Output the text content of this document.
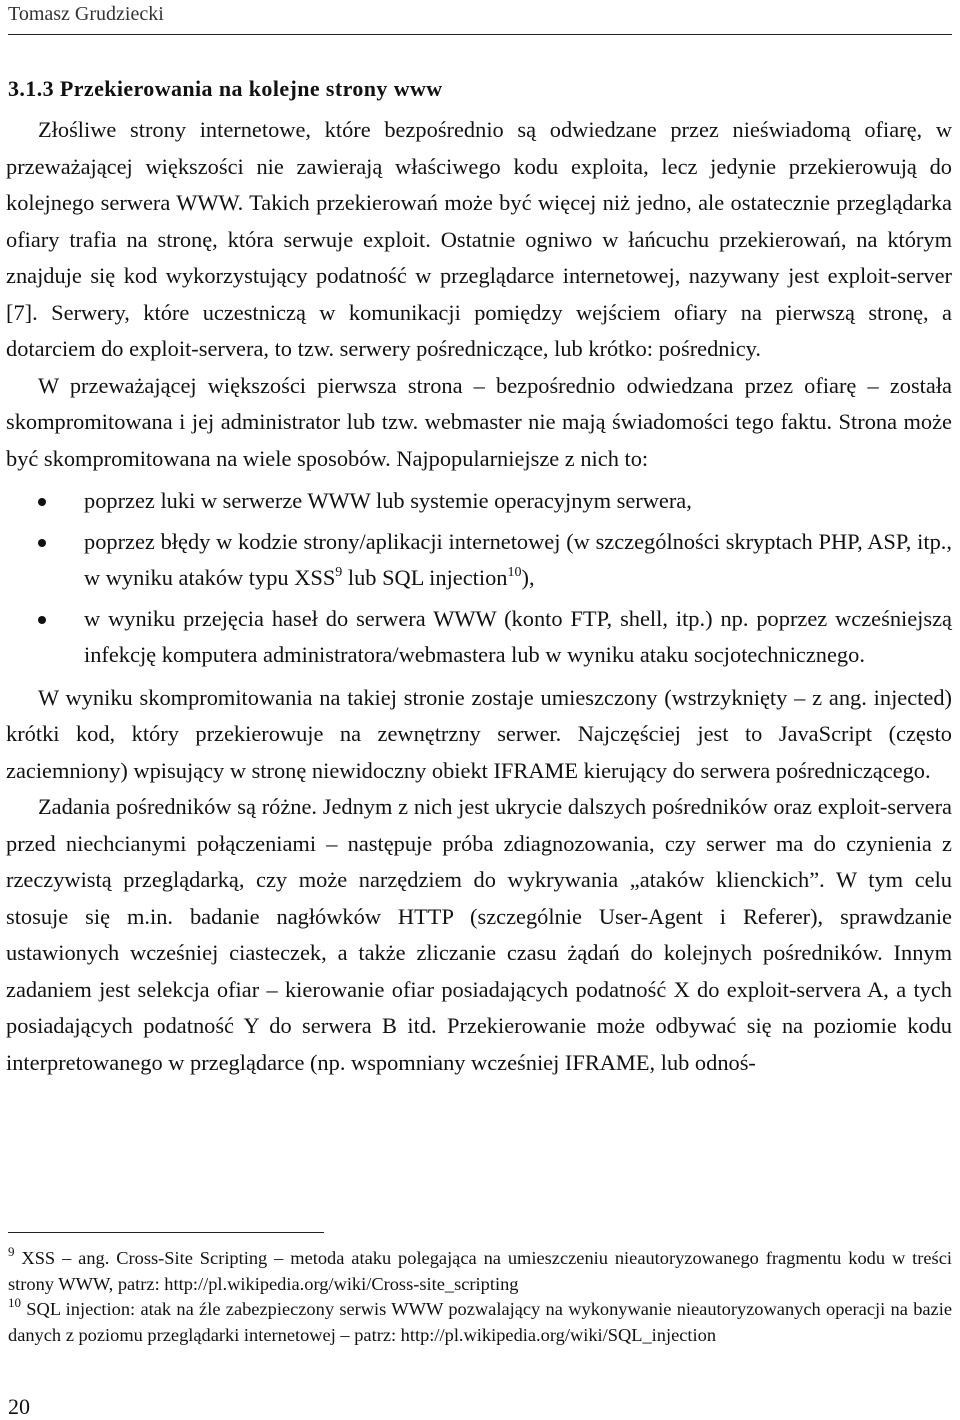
Tomasz Grudziecki
3.1.3 Przekierowania na kolejne strony www

Złośliwe strony internetowe, które bezpośrednio są odwiedzane przez nieświadomą ofiarę, w przeważającej większości nie zawierają właściwego kodu exploita, lecz jedynie przekierowują do kolejnego serwera WWW. Takich przekierowań może być więcej niż jedno, ale ostatecznie przeglądarka ofiary trafia na stronę, która serwuje exploit. Ostatnie ogniwo w łańcuchu przekierowań, na którym znajduje się kod wykorzystujący podatność w przeglądarce internetowej, nazywany jest exploit-server [7]. Serwery, które uczestniczą w komunikacji pomiędzy wejściem ofiary na pierwszą stronę, a dotarciem do exploit-servera, to tzw. serwery pośredniczące, lub krótko: pośrednicy.

W przeważającej większości pierwsza strona – bezpośrednio odwiedzana przez ofiarę – została skompromitowana i jej administrator lub tzw. webmaster nie mają świadomości tego faktu. Strona może być skompromitowana na wiele sposobów. Najpopularniejsze z nich to:

poprzez luki w serwerze WWW lub systemie operacyjnym serwera,
poprzez błędy w kodzie strony/aplikacji internetowej (w szczególności skryptach PHP, ASP, itp., w wyniku ataków typu XSS$^9$ lub SQL injection$^{10}$),
w wyniku przejęcia haseł do serwera WWW (konto FTP, shell, itp.) np. poprzez wcześniejszą infekcję komputera administratora/webmastera lub w wyniku ataku socjotechnicznego.

W wyniku skompromitowania na takiej stronie zostaje umieszczony (wstrzyknięty – z ang. injected) krótki kod, który przekierowuje na zewnętrzny serwer. Najczęściej jest to JavaScript (często zaciemniony) wpisujący w stronę niewidoczny obiekt IFRAME kierujący do serwera pośredniczącego.

Zadania pośredników są różne. Jednym z nich jest ukrycie dalszych pośredników oraz exploit-servera przed niechcianymi połączeniami – następuje próba zdiagnozowania, czy serwer ma do czynienia z rzeczywistą przeglądarką, czy może narzędziem do wykrywania „ataków klienckich”. W tym celu stosuje się m.in. badanie nagłówków HTTP (szczególnie User-Agent i Referer), sprawdzanie ustawionych wcześniej ciasteczek, a także zliczanie czasu żądań do kolejnych pośredników. Innym zadaniem jest selekcja ofiar – kierowanie ofiar posiadających podatność X do exploit-servera A, a tych posiadających podatność Y do serwera B itd. Przekierowanie może odbywać się na poziomie kodu interpretowanego w przeglądarce (np. wspomniany wcześniej IFRAME, lub odnoś-

$^9$ XSS – ang. Cross-Site Scripting – metoda ataku polegająca na umieszczeniu nieautoryzowanego fragmentu kodu w treści strony WWW, patrz: http://pl.wikipedia.org/wiki/Cross-site_scripting

$^{10}$ SQL injection: atak na źle zabezpieczony serwis WWW pozwalający na wykonywanie nieautoryzowanych operacji na bazie danych z poziomu przeglądarki internetowej – patrz: http://pl.wikipedia.org/wiki/SQL_injection

20
